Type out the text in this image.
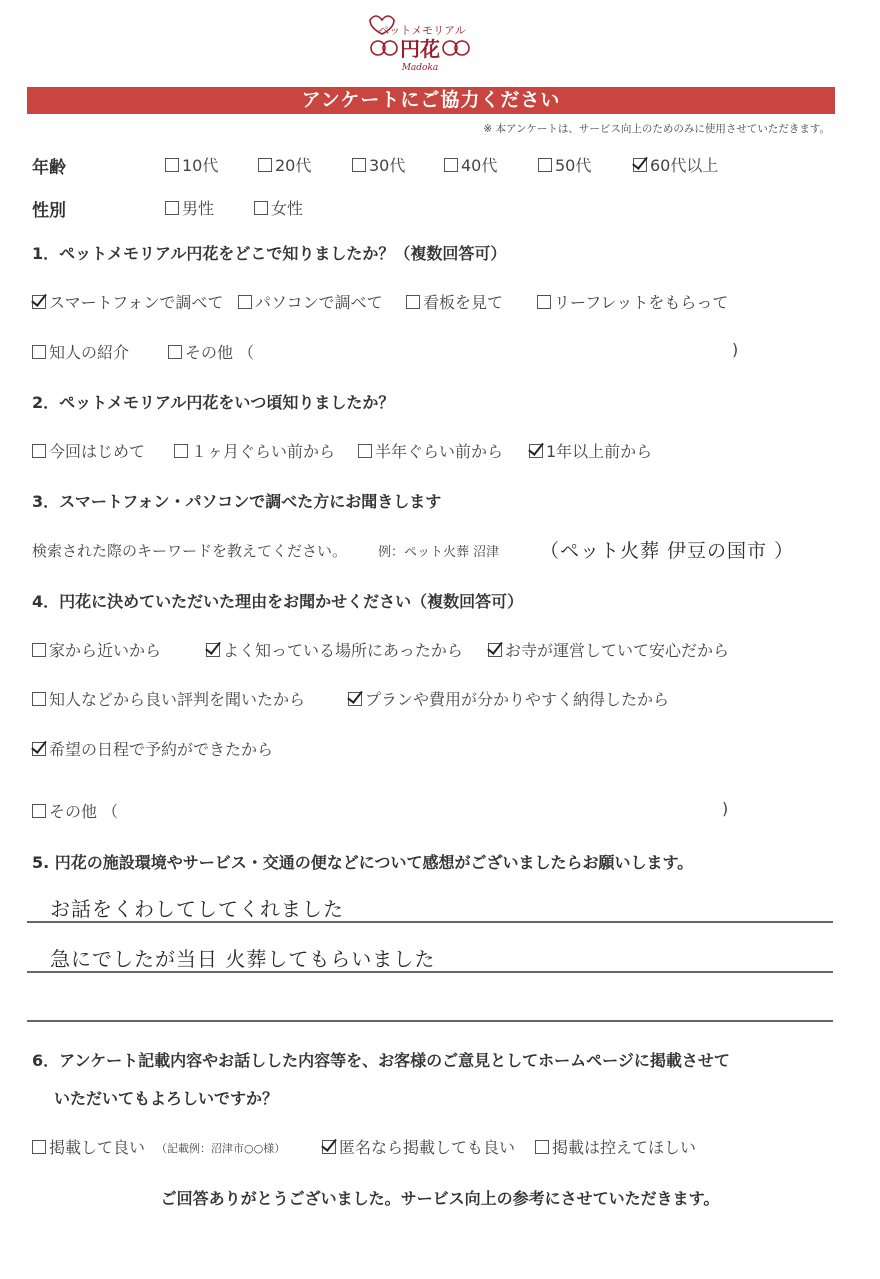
ペットメモリアル
円花
Madoka
アンケートにご協力ください
※ 本アンケートは、サービス向上のためのみに使用させていただきます。
年齢	10代	20代	30代	40代	50代	60代以上
性別	男性	女性
1．ペットメモリアル円花をどこで知りましたか？（複数回答可）
スマートフォンで調べて パソコンで調べて	看板を見て	リーフレットをもらって
知人の紹介	その他 （	)
2．ペットメモリアル円花をいつ頃知りましたか？
今回はじめて	１ヶ月ぐらい前から 半年ぐらい前から	1年以上前から
3．スマートフォン・パソコンで調べた方にお聞きします
検索された際のキーワードを教えてください。 例：ペット火葬 沼津 （ペット火葬 伊豆の国市 ）
4．円花に決めていただいた理由をお聞かせください（複数回答可）
家から近いから	よく知っている場所にあったから	お寺が運営していて安心だから
知人などから良い評判を聞いたから	プランや費用が分かりやすく納得したから
希望の日程で予約ができたから
その他 （	)
5. 円花の施設環境やサービス・交通の便などについて感想がございましたらお願いします。
お話をくわしてしてくれました
急にでしたが当日 火葬してもらいました
6．アンケート記載内容やお話しした内容等を、お客様のご意見としてホームページに掲載させて
いただいてもよろしいですか？
掲載して良い （記載例：沼津市○○様）	匿名なら掲載しても良い 掲載は控えてほしい
ご回答ありがとうございました。サービス向上の参考にさせていただきます。
